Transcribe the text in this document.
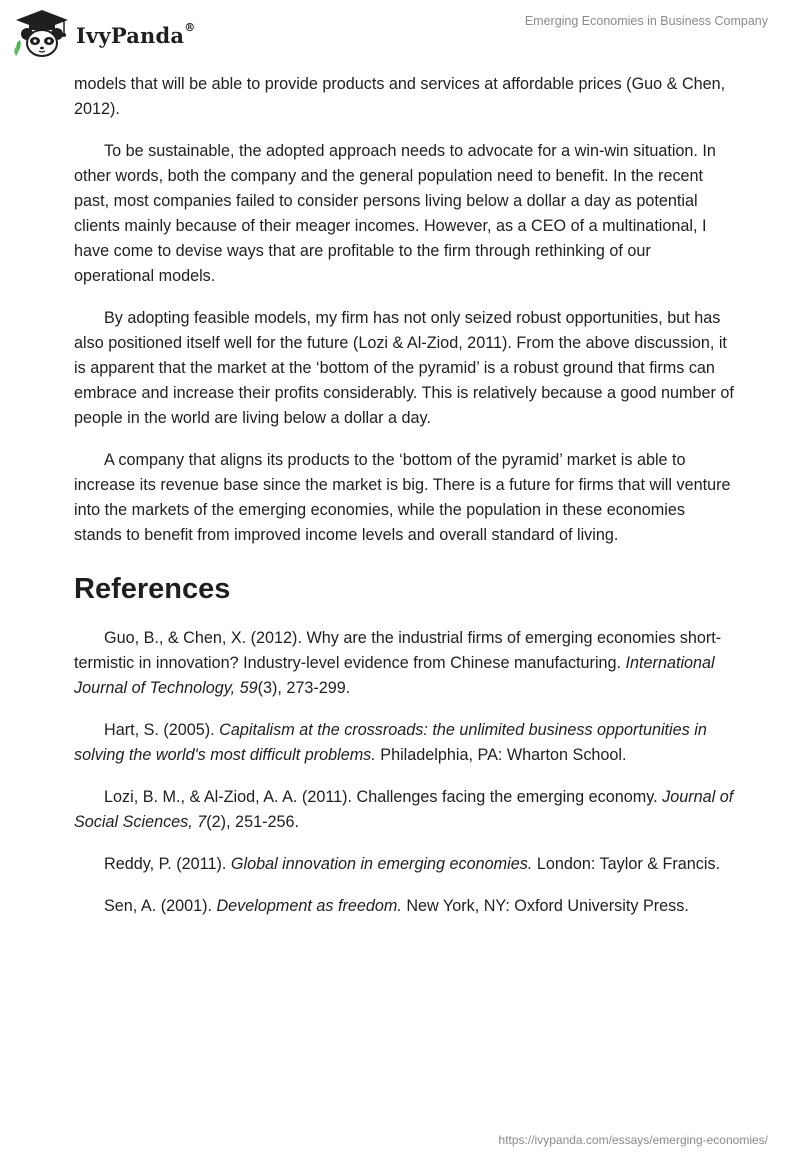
IvyPanda®	Emerging Economies in Business Company

models that will be able to provide products and services at affordable prices (Guo & Chen, 2012).

To be sustainable, the adopted approach needs to advocate for a win-win situation. In other words, both the company and the general population need to benefit. In the recent past, most companies failed to consider persons living below a dollar a day as potential clients mainly because of their meager incomes. However, as a CEO of a multinational, I have come to devise ways that are profitable to the firm through rethinking of our operational models.

By adopting feasible models, my firm has not only seized robust opportunities, but has also positioned itself well for the future (Lozi & Al-Ziod, 2011). From the above discussion, it is apparent that the market at the ‘bottom of the pyramid’ is a robust ground that firms can embrace and increase their profits considerably. This is relatively because a good number of people in the world are living below a dollar a day.

A company that aligns its products to the ‘bottom of the pyramid’ market is able to increase its revenue base since the market is big. There is a future for firms that will venture into the markets of the emerging economies, while the population in these economies stands to benefit from improved income levels and overall standard of living.

References

Guo, B., & Chen, X. (2012). Why are the industrial firms of emerging economies short-termistic in innovation? Industry-level evidence from Chinese manufacturing. International Journal of Technology, 59(3), 273-299.

Hart, S. (2005). Capitalism at the crossroads: the unlimited business opportunities in solving the world's most difficult problems. Philadelphia, PA: Wharton School.

Lozi, B. M., & Al-Ziod, A. A. (2011). Challenges facing the emerging economy. Journal of Social Sciences, 7(2), 251-256.

Reddy, P. (2011). Global innovation in emerging economies. London: Taylor & Francis.

Sen, A. (2001). Development as freedom. New York, NY: Oxford University Press.

https://ivypanda.com/essays/emerging-economies/
